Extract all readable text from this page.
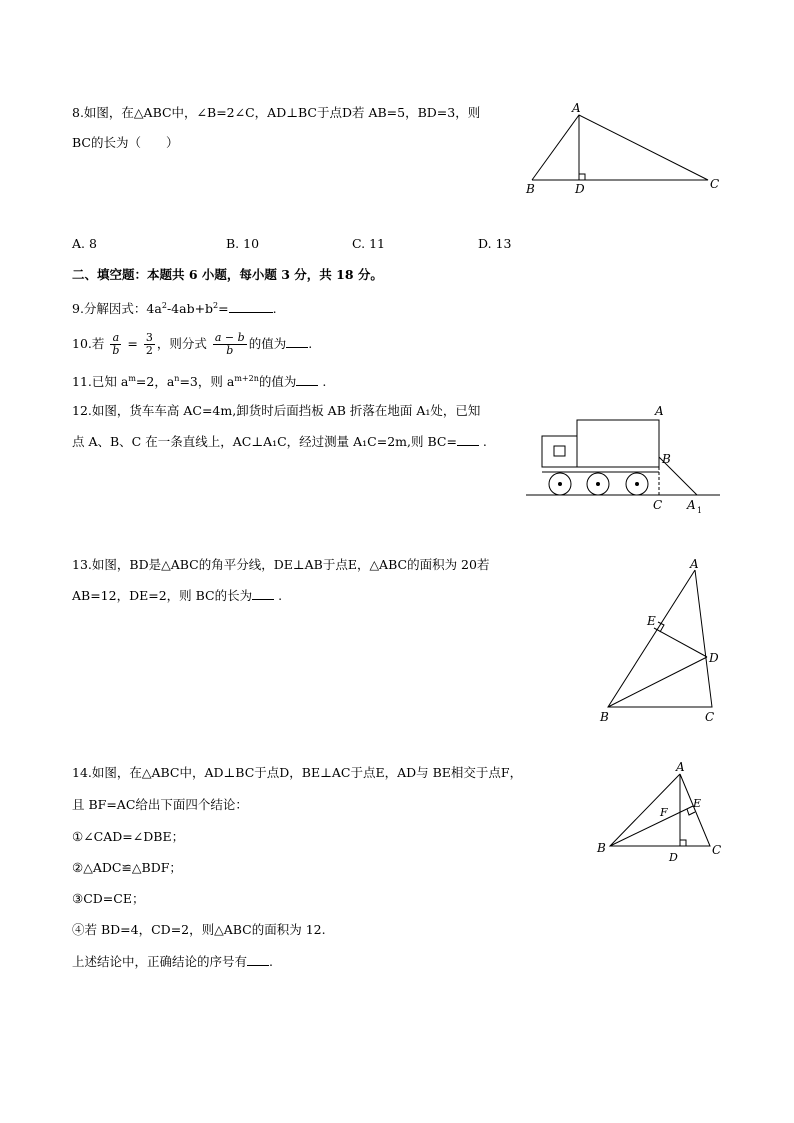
8.如图，在△ABC中，∠B=2∠C，AD⊥BC于点D若 AB=5，BD=3，则
BC的长为（　　）
A
B	D	C
A. 8	B. 10	C. 11	D. 13
二、填空题：本题共 6 小题，每小题 3 分，共 18 分。
9.分解因式：$4a^2-4ab+b^2=$	.
10.若 $\frac{a}{b} = \frac{3}{2}$ ，则分式 $\frac{a - b}{b}$ 的值为 .
11.已知 $a^m=2$，$a^n=3$，则 $a^{m+2n}$的值为 .
12.如图，货车车高 AC=4m,卸货时后面挡板 AB 折落在地面 A₁处，已知
点 A、B、C 在一条直线上，AC⊥A₁C，经过测量 A₁C=2m,则 BC= .
A
B
C A 1
13.如图，BD是△ABC的角平分线，DE⊥AB于点E，△ABC的面积为 20若
AB=12，DE=2，则 BC的长为 .
A
E
D
B	C
14.如图，在△ABC中，AD⊥BC于点D，BE⊥AC于点E，AD与 BE相交于点F，
且 BF=AC给出下面四个结论：
①∠CAD=∠DBE；
②△ADC≌△BDF；
③CD=CE；
④若 BD=4，CD=2，则△ABC的面积为 12.
上述结论中，正确结论的序号有 .
A
E
F
B
D
C
